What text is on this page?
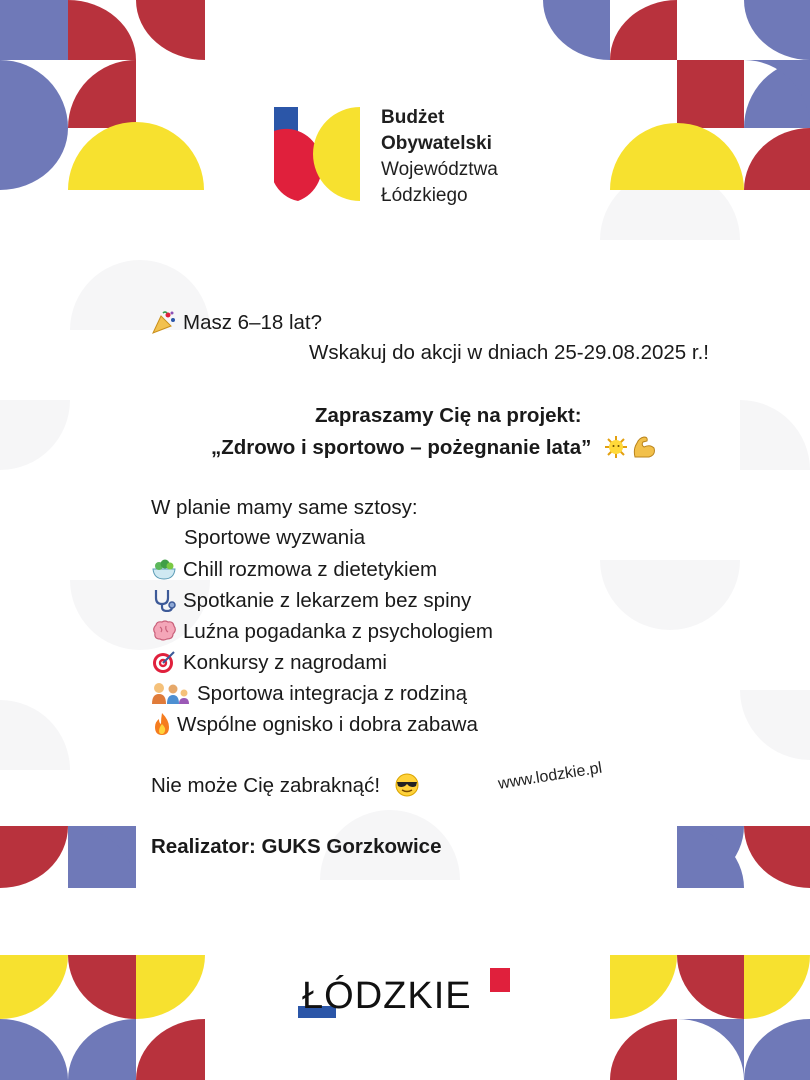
Budżet
Obywatelski
Województwa
Łódzkiego
Masz 6–18 lat?
Wskakuj do akcji w dniach 25-29.08.2025 r.!
Zapraszamy Cię na projekt:
„Zdrowo i sportowo – pożegnanie lata”
W planie mamy same sztosy:
Sportowe wyzwania
Chill rozmowa z dietetykiem
Spotkanie z lekarzem bez spiny
Luźna pogadanka z psychologiem
Konkursy z nagrodami
Sportowa integracja z rodziną
Wspólne ognisko i dobra zabawa
Nie może Cię zabraknąć!	www.lodzkie.pl
Realizator: GUKS Gorzkowice
ŁÓDZKIE
